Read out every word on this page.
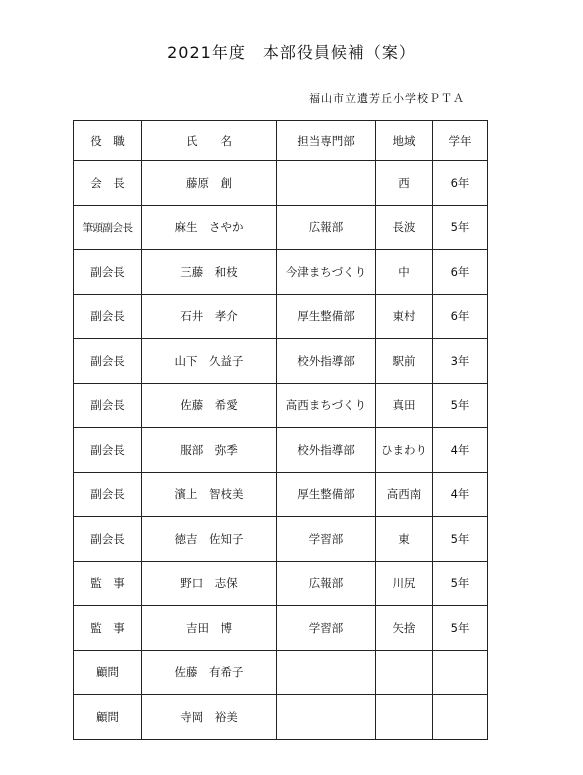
2021年度　本部役員候補（案）
福山市立遺芳丘小学校ＰＴＡ
役　職	氏　　名	担当専門部	地域	学年
会　長	藤原　創		西	6年
筆頭副会長	麻生　さやか	広報部	長波	5年
副会長	三藤　和枝	今津まちづくり	中	6年
副会長	石井　孝介	厚生整備部	東村	6年
副会長	山下　久益子	校外指導部	駅前	3年
副会長	佐藤　希愛	高西まちづくり	真田	5年
副会長	服部　弥季	校外指導部	ひまわり	4年
副会長	濱上　智枝美	厚生整備部	高西南	4年
副会長	徳吉　佐知子	学習部	東	5年
監　事	野口　志保	広報部	川尻	5年
監　事	吉田　博	学習部	矢捨	5年
顧問	佐藤　有希子			
顧問	寺岡　裕美			
